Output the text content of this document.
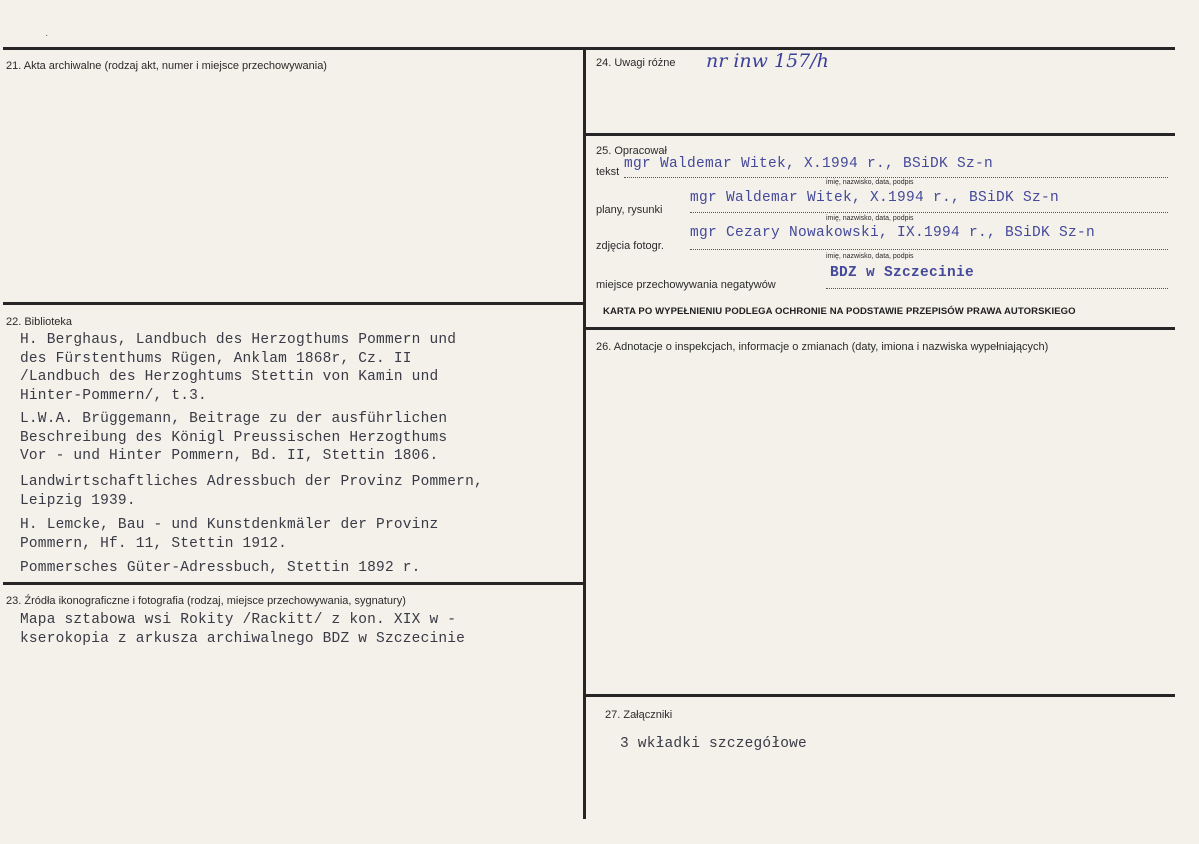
·
21. Akta archiwalne (rodzaj akt, numer i miejsce przechowywania)
22. Biblioteka
H. Berghaus, Landbuch des Herzogthums Pommern und
des Fürstenthums Rügen, Anklam 1868r, Cz. II
/Landbuch des Herzoghtums Stettin von Kamin und
Hinter-Pommern/, t.3.
L.W.A. Brüggemann, Beitrage zu der ausführlichen
Beschreibung des Königl Preussischen Herzogthums
Vor - und Hinter Pommern, Bd. II, Stettin 1806.
Landwirtschaftliches Adressbuch der Provinz Pommern,
Leipzig 1939.
H. Lemcke, Bau - und Kunstdenkmäler der Provinz
Pommern, Hf. 11, Stettin 1912.
Pommersches Güter-Adressbuch, Stettin 1892 r.
23. Źródła ikonograficzne i fotografia (rodzaj, miejsce przechowywania, sygnatury)
Mapa sztabowa wsi Rokity /Rackitt/ z kon. XIX w -
kserokopia z arkusza archiwalnego BDZ w Szczecinie
24. Uwagi różne nr inw 157/h
25. Opracował
tekst mgr Waldemar Witek, X.1994 r., BSiDK Sz-n
imię, nazwisko, data, podpis
plany, rysunki
mgr Waldemar Witek, X.1994 r., BSiDK Sz-n
imię, nazwisko, data, podpis
zdjęcia fotogr.
mgr Cezary Nowakowski, IX.1994 r., BSiDK Sz-n
imię, nazwisko, data, podpis
miejsce przechowywania negatywów
BDZ w Szczecinie
KARTA PO WYPEŁNIENIU PODLEGA OCHRONIE NA PODSTAWIE PRZEPISÓW PRAWA AUTORSKIEGO
26. Adnotacje o inspekcjach, informacje o zmianach (daty, imiona i nazwiska wypełniających)
27. Załączniki
3 wkładki szczegółowe
